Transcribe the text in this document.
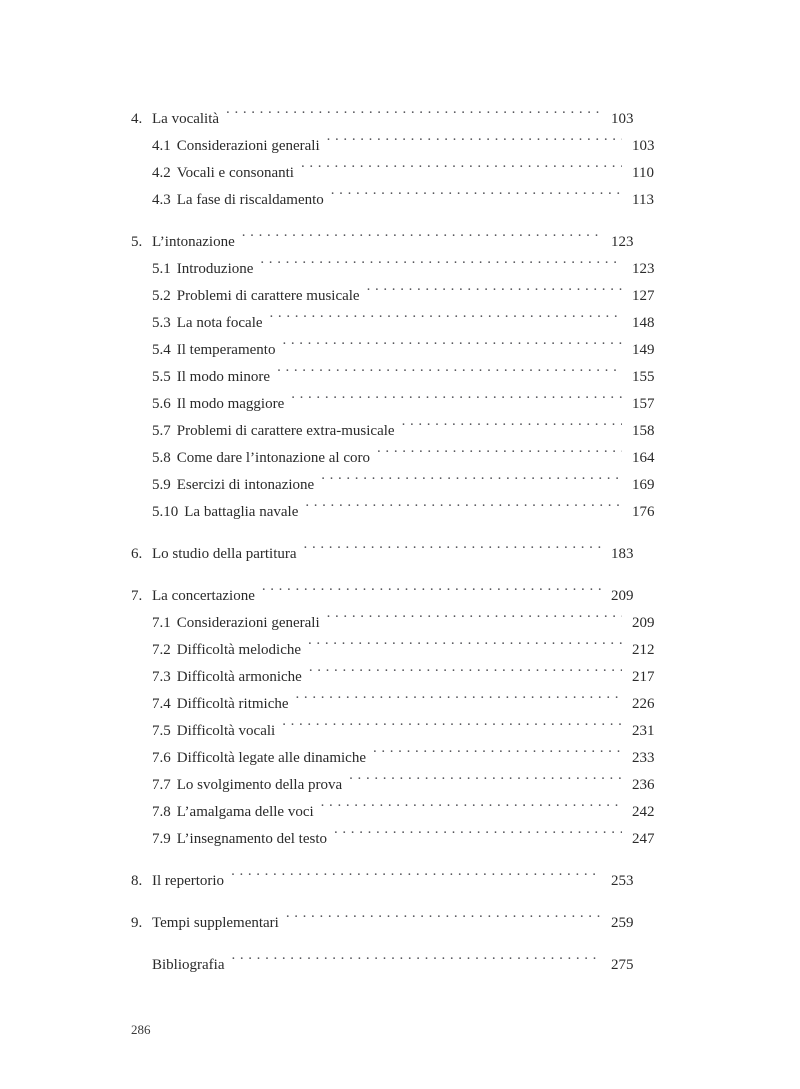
4. La vocalità . . .	103
4.1 Considerazioni generali . . .	103
4.2 Vocali e consonanti . . .	110
4.3 La fase di riscaldamento . . .	113
5. L’intonazione . . .	123
5.1 Introduzione . . .	123
5.2 Problemi di carattere musicale . . .	127
5.3 La nota focale . . .	148
5.4 Il temperamento . . .	149
5.5 Il modo minore . . .	155
5.6 Il modo maggiore . . .	157
5.7 Problemi di carattere extra-musicale . . .	158
5.8 Come dare l’intonazione al coro . . .	164
5.9 Esercizi di intonazione . . .	169
5.10 La battaglia navale . . .	176
6. Lo studio della partitura . . .	183
7. La concertazione . . .	209
7.1 Considerazioni generali . . .	209
7.2 Difficoltà melodiche . . .	212
7.3 Difficoltà armoniche . . .	217
7.4 Difficoltà ritmiche . . .	226
7.5 Difficoltà vocali . . .	231
7.6 Difficoltà legate alle dinamiche . . .	233
7.7 Lo svolgimento della prova . . .	236
7.8 L’amalgama delle voci . . .	242
7.9 L’insegnamento del testo . . .	247
8. Il repertorio . . .	253
9. Tempi supplementari . . .	259
Bibliografia . . .	275
286
